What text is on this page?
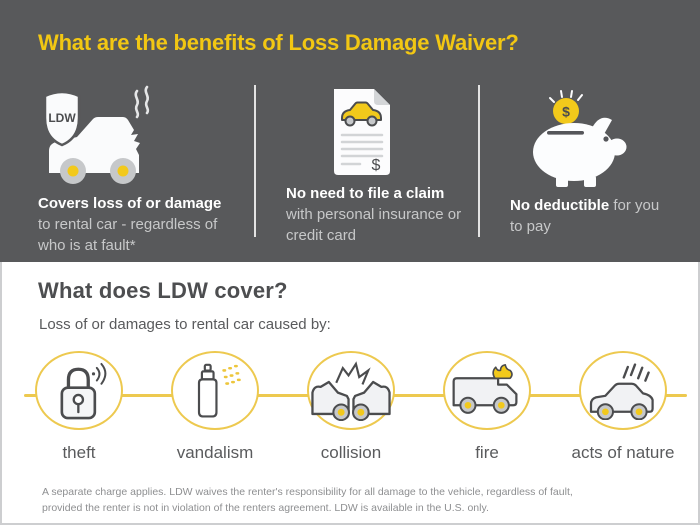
What are the benefits of Loss Damage Waiver?
LDW
Covers loss of or damage to rental car - regardless of who is at fault*
$
No need to file a claim with personal insurance or credit card
$
No deductible for you to pay
What does LDW cover?
Loss of or damages to rental car caused by:
theft	vandalism	collision	fire	acts of nature
A separate charge applies. LDW waives the renter's responsibility for all damage to the vehicle, regardless of fault,
provided the renter is not in violation of the renters agreement. LDW is available in the U.S. only.
